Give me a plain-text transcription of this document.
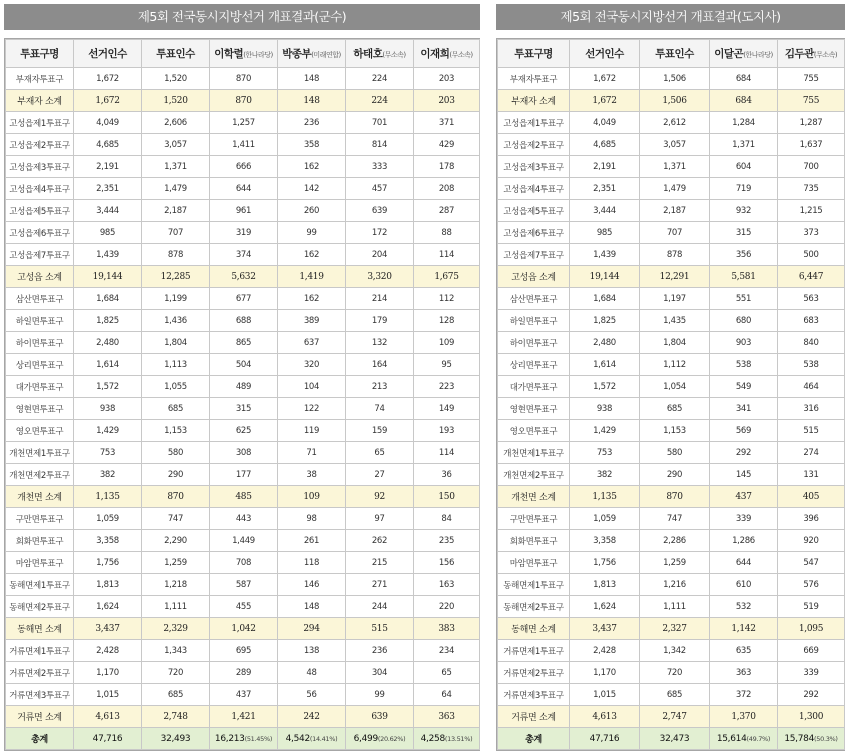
제5회 전국동시지방선거 개표결과(군수)
투표구명	선거인수	투표인수	이학렬(한나라당)	박종부(미래연합)	하태호(무소속)	이재희(무소속)
부재자투표구	1,672	1,520	870	148	224	203
부재자 소계	1,672	1,520	870	148	224	203
고성읍제1투표구	4,049	2,606	1,257	236	701	371
고성읍제2투표구	4,685	3,057	1,411	358	814	429
고성읍제3투표구	2,191	1,371	666	162	333	178
고성읍제4투표구	2,351	1,479	644	142	457	208
고성읍제5투표구	3,444	2,187	961	260	639	287
고성읍제6투표구	985	707	319	99	172	88
고성읍제7투표구	1,439	878	374	162	204	114
고성읍 소계	19,144	12,285	5,632	1,419	3,320	1,675
삼산면투표구	1,684	1,199	677	162	214	112
하일면투표구	1,825	1,436	688	389	179	128
하이면투표구	2,480	1,804	865	637	132	109
상리면투표구	1,614	1,113	504	320	164	95
대가면투표구	1,572	1,055	489	104	213	223
영현면투표구	938	685	315	122	74	149
영오면투표구	1,429	1,153	625	119	159	193
개천면제1투표구	753	580	308	71	65	114
개천면제2투표구	382	290	177	38	27	36
개천면 소계	1,135	870	485	109	92	150
구만면투표구	1,059	747	443	98	97	84
회화면투표구	3,358	2,290	1,449	261	262	235
마암면투표구	1,756	1,259	708	118	215	156
동해면제1투표구	1,813	1,218	587	146	271	163
동해면제2투표구	1,624	1,111	455	148	244	220
동해면 소계	3,437	2,329	1,042	294	515	383
거류면제1투표구	2,428	1,343	695	138	236	234
거류면제2투표구	1,170	720	289	48	304	65
거류면제3투표구	1,015	685	437	56	99	64
거류면 소계	4,613	2,748	1,421	242	639	363
총계	47,716	32,493	16,213(51.45%)	4,542(14.41%)	6,499(20.62%)	4,258(13.51%)
제5회 전국동시지방선거 개표결과(도지사)
투표구명	선거인수	투표인수	이달곤(한나라당)	김두관(무소속)
부재자투표구	1,672	1,506	684	755
부재자 소계	1,672	1,506	684	755
고성읍제1투표구	4,049	2,612	1,284	1,287
고성읍제2투표구	4,685	3,057	1,371	1,637
고성읍제3투표구	2,191	1,371	604	700
고성읍제4투표구	2,351	1,479	719	735
고성읍제5투표구	3,444	2,187	932	1,215
고성읍제6투표구	985	707	315	373
고성읍제7투표구	1,439	878	356	500
고성읍 소계	19,144	12,291	5,581	6,447
삼산면투표구	1,684	1,197	551	563
하일면투표구	1,825	1,435	680	683
하이면투표구	2,480	1,804	903	840
상리면투표구	1,614	1,112	538	538
대가면투표구	1,572	1,054	549	464
영현면투표구	938	685	341	316
영오면투표구	1,429	1,153	569	515
개천면제1투표구	753	580	292	274
개천면제2투표구	382	290	145	131
개천면 소계	1,135	870	437	405
구만면투표구	1,059	747	339	396
회화면투표구	3,358	2,286	1,286	920
마암면투표구	1,756	1,259	644	547
동해면제1투표구	1,813	1,216	610	576
동해면제2투표구	1,624	1,111	532	519
동해면 소계	3,437	2,327	1,142	1,095
거류면제1투표구	2,428	1,342	635	669
거류면제2투표구	1,170	720	363	339
거류면제3투표구	1,015	685	372	292
거류면 소계	4,613	2,747	1,370	1,300
총계	47,716	32,473	15,614(49.7%)	15,784(50.3%)
